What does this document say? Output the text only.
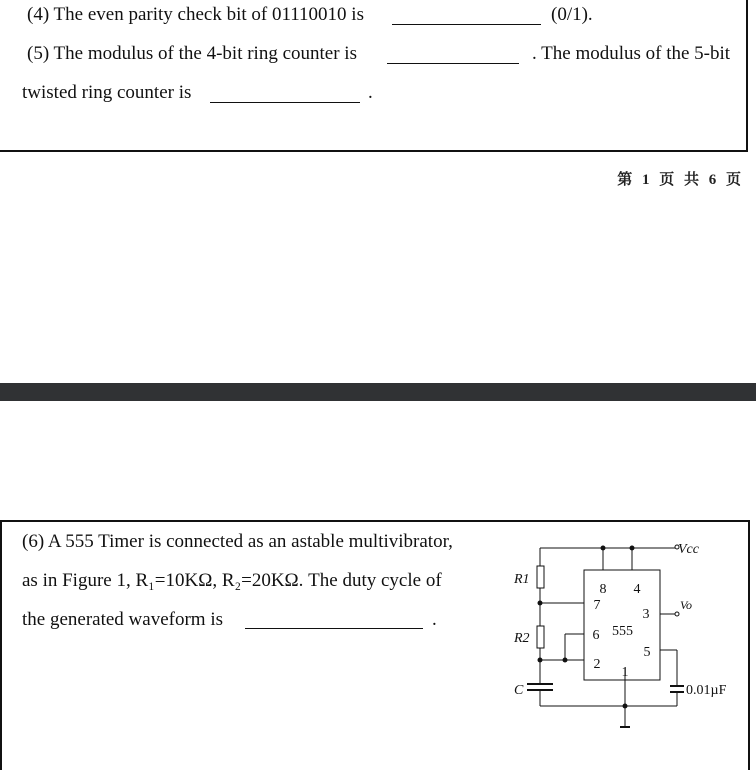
(4) The even parity check bit of 01110010 is	(0/1).
(5) The modulus of the 4-bit ring counter is	. The modulus of the 5-bit
twisted ring counter is	.
第 1 页 共 6 页
(6) A 555 Timer is connected as an astable multivibrator,
as in Figure 1, R₁=10KΩ, R₂=20KΩ. The duty cycle of
the generated waveform is	.
Vcc
Vo
R1
R2
C
555
8 4
7
3
6
5
2
1
0.01µF
